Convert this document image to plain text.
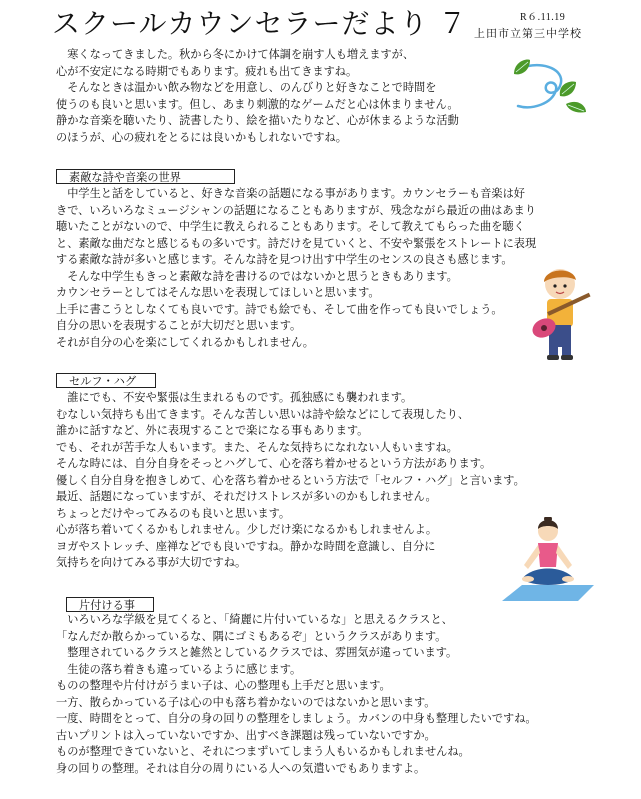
スクールカウンセラーだより ７	R６.11.19
上田市立第三中学校

　寒くなってきました。秋から冬にかけて体調を崩す人も増えますが、

心が不安定になる時期でもあります。疲れも出てきますね。

　そんなときは温かい飲み物などを用意し、のんびりと好きなことで時間を

使うのも良いと思います。但し、あまり刺激的なゲームだと心は休まりません。

静かな音楽を聴いたり、読書したり、絵を描いたりなど、心が休まるような活動

のほうが、心の疲れをとるには良いかもしれないですね。

素敵な詩や音楽の世界

　中学生と話をしていると、好きな音楽の話題になる事があります。カウンセラーも音楽は好

きで、いろいろなミュージシャンの話題になることもありますが、残念ながら最近の曲はあまり

聴いたことがないので、中学生に教えられることもあります。そして教えてもらった曲を聴く

と、素敵な曲だなと感じるもの多いです。詩だけを見ていくと、不安や緊張をストレートに表現

する素敵な詩が多いと感じます。そんな詩を見つけ出す中学生のセンスの良さも感じます。

　そんな中学生もきっと素敵な詩を書けるのではないかと思うときもあります。

カウンセラーとしてはそんな思いを表現してほしいと思います。

上手に書こうとしなくても良いです。詩でも絵でも、そして曲を作っても良いでしょう。

自分の思いを表現することが大切だと思います。

それが自分の心を楽にしてくれるかもしれません。

セルフ・ハグ

　誰にでも、不安や緊張は生まれるものです。孤独感にも襲われます。

むなしい気持ちも出てきます。そんな苦しい思いは詩や絵などにして表現したり、

誰かに話すなど、外に表現することで楽になる事もあります。

でも、それが苦手な人もいます。また、そんな気持ちになれない人もいますね。

そんな時には、自分自身をそっとハグして、心を落ち着かせるという方法があります。

優しく自分自身を抱きしめて、心を落ち着かせるという方法で「セルフ・ハグ」と言います。

最近、話題になっていますが、それだけストレスが多いのかもしれません。

ちょっとだけやってみるのも良いと思います。

心が落ち着いてくるかもしれません。少しだけ楽になるかもしれませんよ。

ヨガやストレッチ、座禅などでも良いですね。静かな時間を意識し、自分に

気持ちを向けてみる事が大切ですね。

片付ける事

　いろいろな学級を見てくると、「綺麗に片付いているな」と思えるクラスと、

「なんだか散らかっているな、隅にゴミもあるぞ」というクラスがあります。

　整理されているクラスと雑然としているクラスでは、雰囲気が違っています。

　生徒の落ち着きも違っているように感じます。

ものの整理や片付けがうまい子は、心の整理も上手だと思います。

一方、散らかっている子は心の中も落ち着かないのではないかと思います。

一度、時間をとって、自分の身の回りの整理をしましょう。カバンの中身も整理したいですね。

古いプリントは入っていないですか、出すべき課題は残っていないですか。

ものが整理できていないと、それにつまずいてしまう人もいるかもしれませんね。

身の回りの整理。それは自分の周りにいる人への気遣いでもありますよ。
